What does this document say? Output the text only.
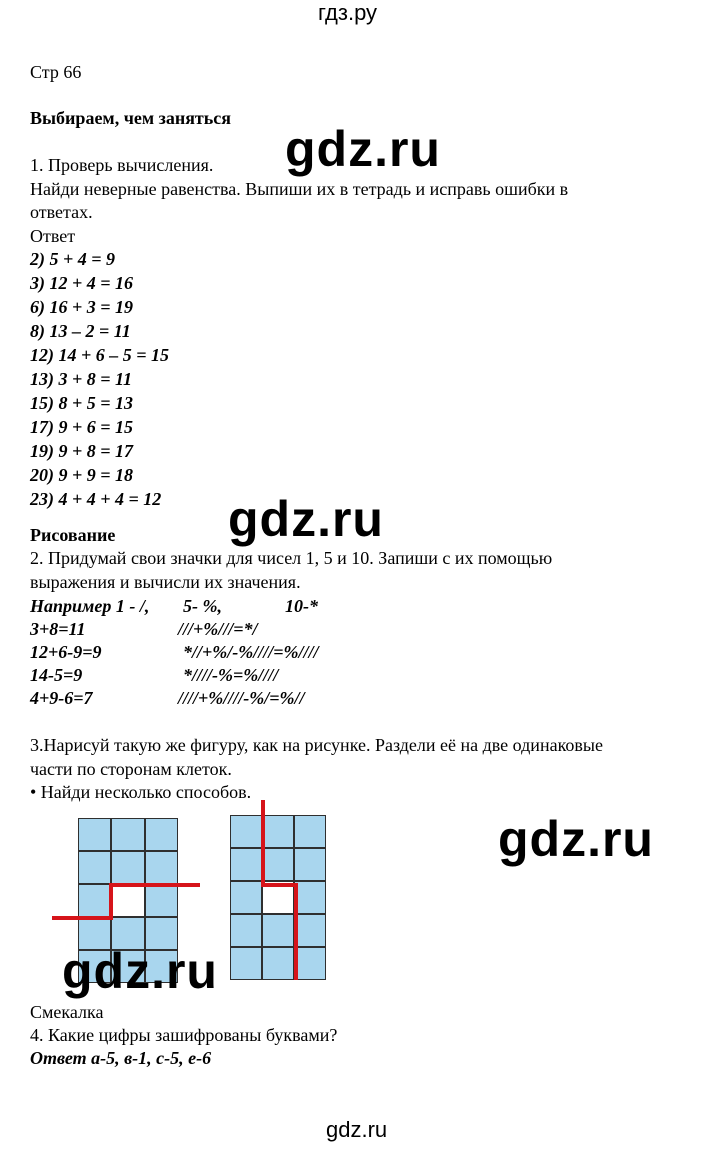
гдз.ру
Стр 66
Выбираем, чем заняться
1. Проверь вычисления.
Найди неверные равенства. Выпиши их в тетрадь и исправь ошибки в
ответах.
Ответ
2) 5 + 4 = 9
3) 12 + 4 = 16
6) 16 + 3 = 19
8) 13 – 2 = 11
12) 14 + 6 – 5 = 15
13) 3 + 8 = 11
15) 8 + 5 = 13
17) 9 + 6 = 15
19) 9 + 8 = 17
20) 9 + 9 = 18
23) 4 + 4 + 4 = 12
gdz.ru
gdz.ru
gdz.ru
Рисование
2. Придумай свои значки для чисел 1, 5 и 10. Запиши с их помощью
выражения и вычисли их значения.
Например 1 - /, 5- %,	10-*
3+8=11	///+%///=*/
12+6-9=9	*//+%/-%////=%////
14-5=9	*////-%=%////
4+9-6=7	////+%////-%/=%//
3.Нарисуй такую же фигуру, как на рисунке. Раздели её на две одинаковые
части по сторонам клеток.
• Найди несколько способов.
gdz.ru
Смекалка
4. Какие цифры зашифрованы буквами?
Ответ а-5, в-1, с-5, е-6
gdz.ru
